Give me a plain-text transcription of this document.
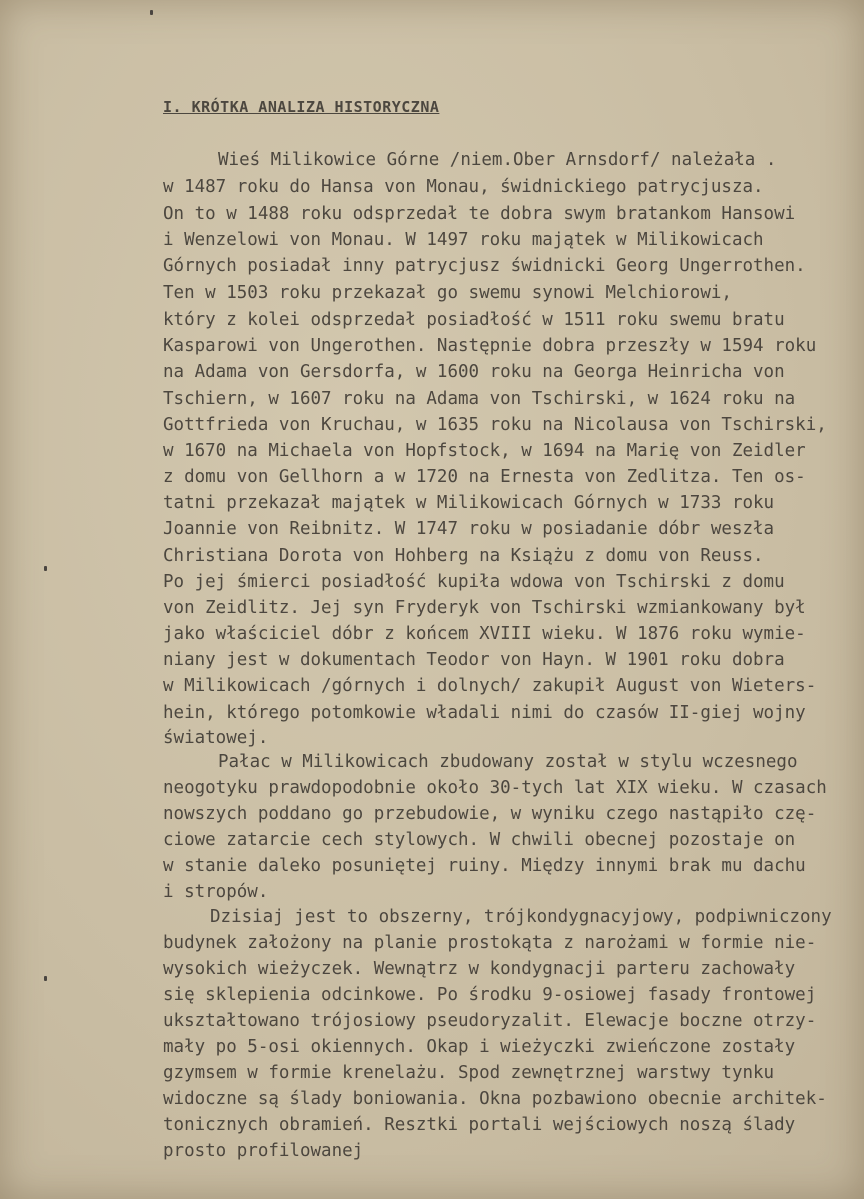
I. KRÓTKA ANALIZA HISTORYCZNA
Wieś Milikowice Górne /niem.Ober Arnsdorf/ należała .
w 1487 roku do Hansa von Monau, świdnickiego patrycjusza.
On to w 1488 roku odsprzedał te dobra swym bratankom Hansowi
i Wenzelowi von Monau. W 1497 roku majątek w Milikowicach
Górnych posiadał inny patrycjusz świdnicki Georg Ungerrothen.
Ten w 1503 roku przekazał go swemu synowi Melchiorowi,
który z kolei odsprzedał posiadłość w 1511 roku swemu bratu
Kasparowi von Ungerothen. Następnie dobra przeszły w 1594 roku
na Adama von Gersdorfa, w 1600 roku na Georga Heinricha von
Tschiern, w 1607 roku na Adama von Tschirski, w 1624 roku na
Gottfrieda von Kruchau, w 1635 roku na Nicolausa von Tschirski,
w 1670 na Michaela von Hopfstock, w 1694 na Marię von Zeidler
z domu von Gellhorn a w 1720 na Ernesta von Zedlitza. Ten os-
tatni przekazał majątek w Milikowicach Górnych w 1733 roku
Joannie von Reibnitz. W 1747 roku w posiadanie dóbr weszła
Christiana Dorota von Hohberg na Książu z domu von Reuss.
Po jej śmierci posiadłość kupiła wdowa von Tschirski z domu
von Zeidlitz. Jej syn Fryderyk von Tschirski wzmiankowany był
jako właściciel dóbr z końcem XVIII wieku. W 1876 roku wymie-
niany jest w dokumentach Teodor von Hayn. W 1901 roku dobra
w Milikowicach /górnych i dolnych/ zakupił August von Wieters-
hein, którego potomkowie władali nimi do czasów II-giej wojny
światowej.
Pałac w Milikowicach zbudowany został w stylu wczesnego
neogotyku prawdopodobnie około 30-tych lat XIX wieku. W czasach
nowszych poddano go przebudowie, w wyniku czego nastąpiło czę-
ciowe zatarcie cech stylowych. W chwili obecnej pozostaje on
w stanie daleko posuniętej ruiny. Między innymi brak mu dachu
i stropów.
Dzisiaj jest to obszerny, trójkondygnacyjowy, podpiwniczony
budynek założony na planie prostokąta z narożami w formie nie-
wysokich wieżyczek. Wewnątrz w kondygnacji parteru zachowały
się sklepienia odcinkowe. Po środku 9-osiowej fasady frontowej
ukształtowano trójosiowy pseudoryzalit. Elewacje boczne otrzy-
mały po 5-osi okiennych. Okap i wieżyczki zwieńczone zostały
gzymsem w formie krenelażu. Spod zewnętrznej warstwy tynku
widoczne są ślady boniowania. Okna pozbawiono obecnie architek-
tonicznych obramień. Resztki portali wejściowych noszą ślady
prosto profilowanej
